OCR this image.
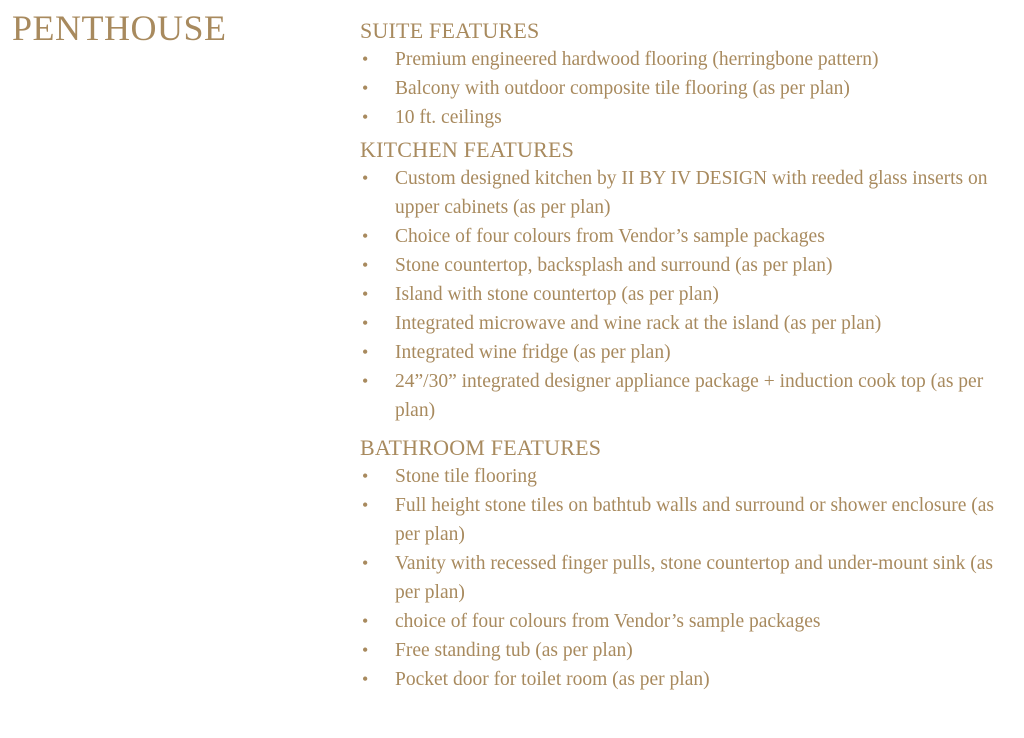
PENTHOUSE	SUITE FEATURES
• Premium engineered hardwood flooring (herringbone pattern)
• Balcony with outdoor composite tile flooring (as per plan)
• 10 ft. ceilings
KITCHEN FEATURES
• Custom designed kitchen by II BY IV DESIGN with reeded glass inserts on upper cabinets (as per plan)
• Choice of four colours from Vendor’s sample packages
• Stone countertop, backsplash and surround (as per plan)
• Island with stone countertop (as per plan)
• Integrated microwave and wine rack at the island (as per plan)
• Integrated wine fridge (as per plan)
• 24”/30” integrated designer appliance package + induction cook top (as per plan)
BATHROOM FEATURES
• Stone tile flooring
• Full height stone tiles on bathtub walls and surround or shower enclosure (as per plan)
• Vanity with recessed finger pulls, stone countertop and under-mount sink (as per plan)
• choice of four colours from Vendor’s sample packages
• Free standing tub (as per plan)
• Pocket door for toilet room (as per plan)
